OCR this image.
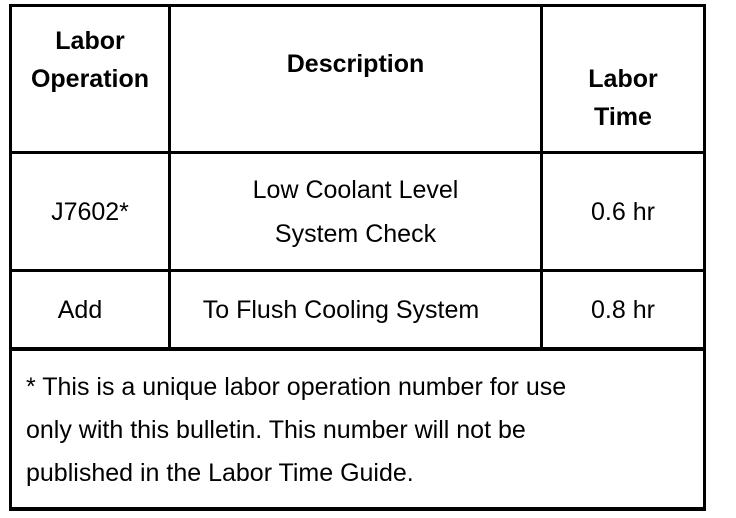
Labor
Operation
Description
Labor
Time
J7602*
Low Coolant Level
System Check
0.6 hr
Add	To Flush Cooling System	0.8 hr
* This is a unique labor operation number for use
only with this bulletin. This number will not be
published in the Labor Time Guide.
